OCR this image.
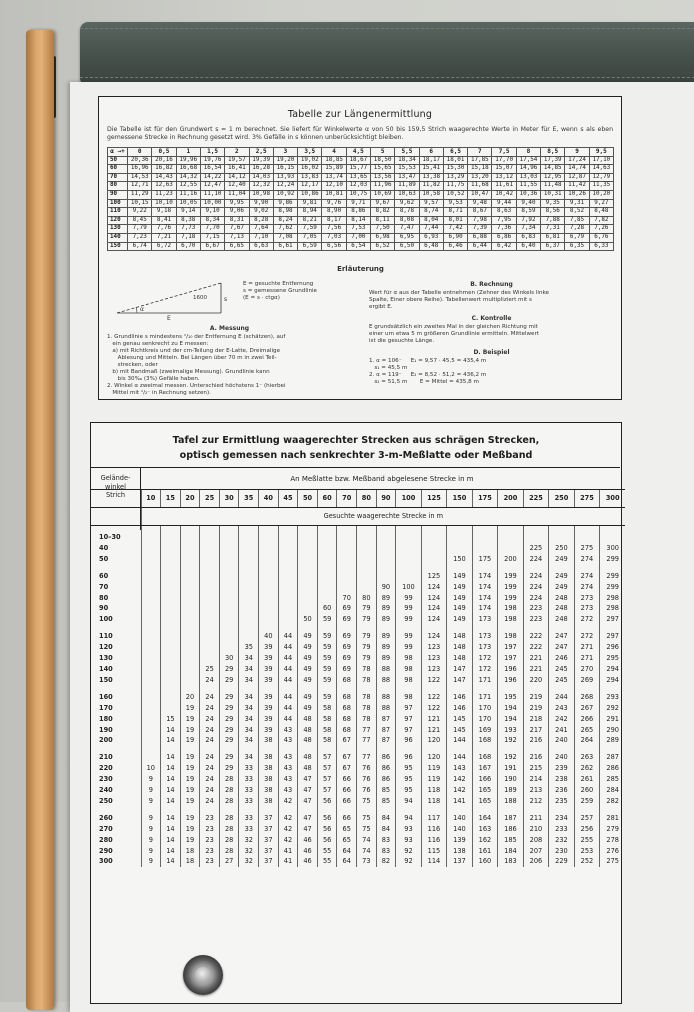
Tabelle zur Längenermittlung
Die Tabelle ist für den Grundwert s = 1 m berechnet. Sie liefert für Winkelwerte α von 50 bis 159,5 Strich waagerechte Werte in Meter für E, wenn s als eben gemessene Strecke in Rechnung gesetzt wird. 3% Gefälle in s können unberücksichtigt bleiben.
α →+	0	0,5	1	1,5	2	2,5	3	3,5	4	4,5	5	5,5	6	6,5	7	7,5	8	8,5	9	9,5
50	20,36	20,16	19,96	19,76	19,57	19,39	19,20	19,02	18,85	18,67	18,50	18,34	18,17	18,01	17,85	17,70	17,54	17,39	17,24	17,10
60	16,96	16,82	16,68	16,54	16,41	16,28	16,15	16,02	15,89	15,77	15,65	15,53	15,41	15,30	15,18	15,07	14,96	14,85	14,74	14,63
70	14,53	14,43	14,32	14,22	14,12	14,03	13,93	13,83	13,74	13,65	13,56	13,47	13,38	13,29	13,20	13,12	13,03	12,95	12,87	12,79
80	12,71	12,63	12,55	12,47	12,40	12,32	12,24	12,17	12,10	12,03	11,96	11,89	11,82	11,75	11,68	11,61	11,55	11,48	11,42	11,35
90	11,29	11,23	11,16	11,10	11,04	10,98	10,92	10,86	10,81	10,75	10,69	10,63	10,58	10,52	10,47	10,42	10,36	10,31	10,26	10,20
100	10,15	10,10	10,05	10,00	9,95	9,90	9,86	9,81	9,76	9,71	9,67	9,62	9,57	9,53	9,48	9,44	9,40	9,35	9,31	9,27
110	9,22	9,18	9,14	9,10	9,06	9,02	8,98	8,94	8,90	8,86	8,82	8,78	8,74	8,71	8,67	8,63	8,59	8,56	8,52	8,48
120	8,45	8,41	8,38	8,34	8,31	8,28	8,24	8,21	8,17	8,14	8,11	8,08	8,04	8,01	7,98	7,95	7,92	7,88	7,85	7,82
130	7,79	7,76	7,73	7,70	7,67	7,64	7,62	7,59	7,56	7,53	7,50	7,47	7,44	7,42	7,39	7,36	7,34	7,31	7,28	7,26
140	7,23	7,21	7,18	7,15	7,13	7,10	7,08	7,05	7,03	7,00	6,98	6,95	6,93	6,90	6,88	6,86	6,83	6,81	6,79	6,76
150	6,74	6,72	6,70	6,67	6,65	6,63	6,61	6,59	6,56	6,54	6,52	6,50	6,48	6,46	6,44	6,42	6,40	6,37	6,35	6,33
Erläuterung
α
1600	s
E
E = gesuchte Entfernung
s = gemessene Grundlinie
(E = s · ctgα)
A. Messung
1. Grundlinie s mindestens ¹/₁₀ der Entfernung E (schätzen), auf
ein genau senkrecht zu E messen:
a) mit Richtkreis und der cm-Teilung der E-Latte, Dreimalige
Ablesung und Mitteln. Bei Längen über 70 m in zwei Teil-
strecken, oder
b) mit Bandmaß (zweimalige Messung). Grundlinie kann
bis 30‰ (3%) Gefälle haben.
2. Winkel α zweimal messen. Unterschied höchstens 1⁻ (hierbei
Mittel mit ¹/₂⁻ in Rechnung setzen).
B. Rechnung
Wert für α aus der Tabelle entnehmen (Zehner des Winkels linke
Spalte, Einer obere Reihe). Tabellenwert multipliziert mit s
ergibt E.
C. Kontrolle
E grundsätzlich ein zweites Mal in der gleichen Richtung mit
einer um etwa 5 m größeren Grundlinie ermitteln. Mittelwert
ist die gesuchte Länge.
D. Beispiel
1. α = 106⁻     E₁ = 9,57 · 45,5 = 435,4 m
s₁ = 45,5 m
2. α = 119⁻     E₂ = 8,52 · 51,2 = 436,2 m
s₂ = 51,5 m       E = Mittel = 435,8 m
Tafel zur Ermittlung waagerechter Strecken aus schrägen Strecken,
optisch gemessen nach senkrechter 3-m-Meßlatte oder Meßband
Gelände-
winkel
Strich
An Meßlatte bzw. Meßband abgelesene Strecke in m
	10	15	20	25	30	35	40	45	50	60	70	80	90	100	125	150	175	200	225	250	275	300
	Gesuchte waagerechte Strecke in m																					

10–30																						
40																			225	250	275	300
50																150	175	200	224	249	274	299

60															125	149	174	199	224	249	274	299
70													90	100	124	149	174	199	224	249	274	299
80											70	80	89	99	124	149	174	199	224	248	273	298
90										60	69	79	89	99	124	149	174	198	223	248	273	298
100									50	59	69	79	89	99	124	149	173	198	223	248	272	297

110							40	44	49	59	69	79	89	99	124	148	173	198	222	247	272	297
120						35	39	44	49	59	69	79	89	99	123	148	173	197	222	247	271	296
130					30	34	39	44	49	59	69	79	89	98	123	148	172	197	221	246	271	295
140				25	29	34	39	44	49	59	69	78	88	98	123	147	172	196	221	245	270	294
150				24	29	34	39	44	49	59	68	78	88	98	122	147	171	196	220	245	269	294

160			20	24	29	34	39	44	49	59	68	78	88	98	122	146	171	195	219	244	268	293
170			19	24	29	34	39	44	49	58	68	78	88	97	122	146	170	194	219	243	267	292
180		15	19	24	29	34	39	44	48	58	68	78	87	97	121	145	170	194	218	242	266	291
190		14	19	24	29	34	39	43	48	58	68	77	87	97	121	145	169	193	217	241	265	290
200		14	19	24	29	34	38	43	48	58	67	77	87	96	120	144	168	192	216	240	264	289

210		14	19	24	29	34	38	43	48	57	67	77	86	96	120	144	168	192	216	240	263	287
220	10	14	19	24	29	33	38	43	48	57	67	76	86	95	119	143	167	191	215	239	262	286
230	9	14	19	24	28	33	38	43	47	57	66	76	86	95	119	142	166	190	214	238	261	285
240	9	14	19	24	28	33	38	43	47	57	66	76	85	95	118	142	165	189	213	236	260	284
250	9	14	19	24	28	33	38	42	47	56	66	75	85	94	118	141	165	188	212	235	259	282

260	9	14	19	23	28	33	37	42	47	56	66	75	84	94	117	140	164	187	211	234	257	281
270	9	14	19	23	28	33	37	42	47	56	65	75	84	93	116	140	163	186	210	233	256	279
280	9	14	19	23	28	32	37	42	46	56	65	74	83	93	116	139	162	185	208	232	255	278
290	9	14	18	23	28	32	37	41	46	55	64	74	83	92	115	138	161	184	207	230	253	276
300	9	14	18	23	27	32	37	41	46	55	64	73	82	92	114	137	160	183	206	229	252	275
